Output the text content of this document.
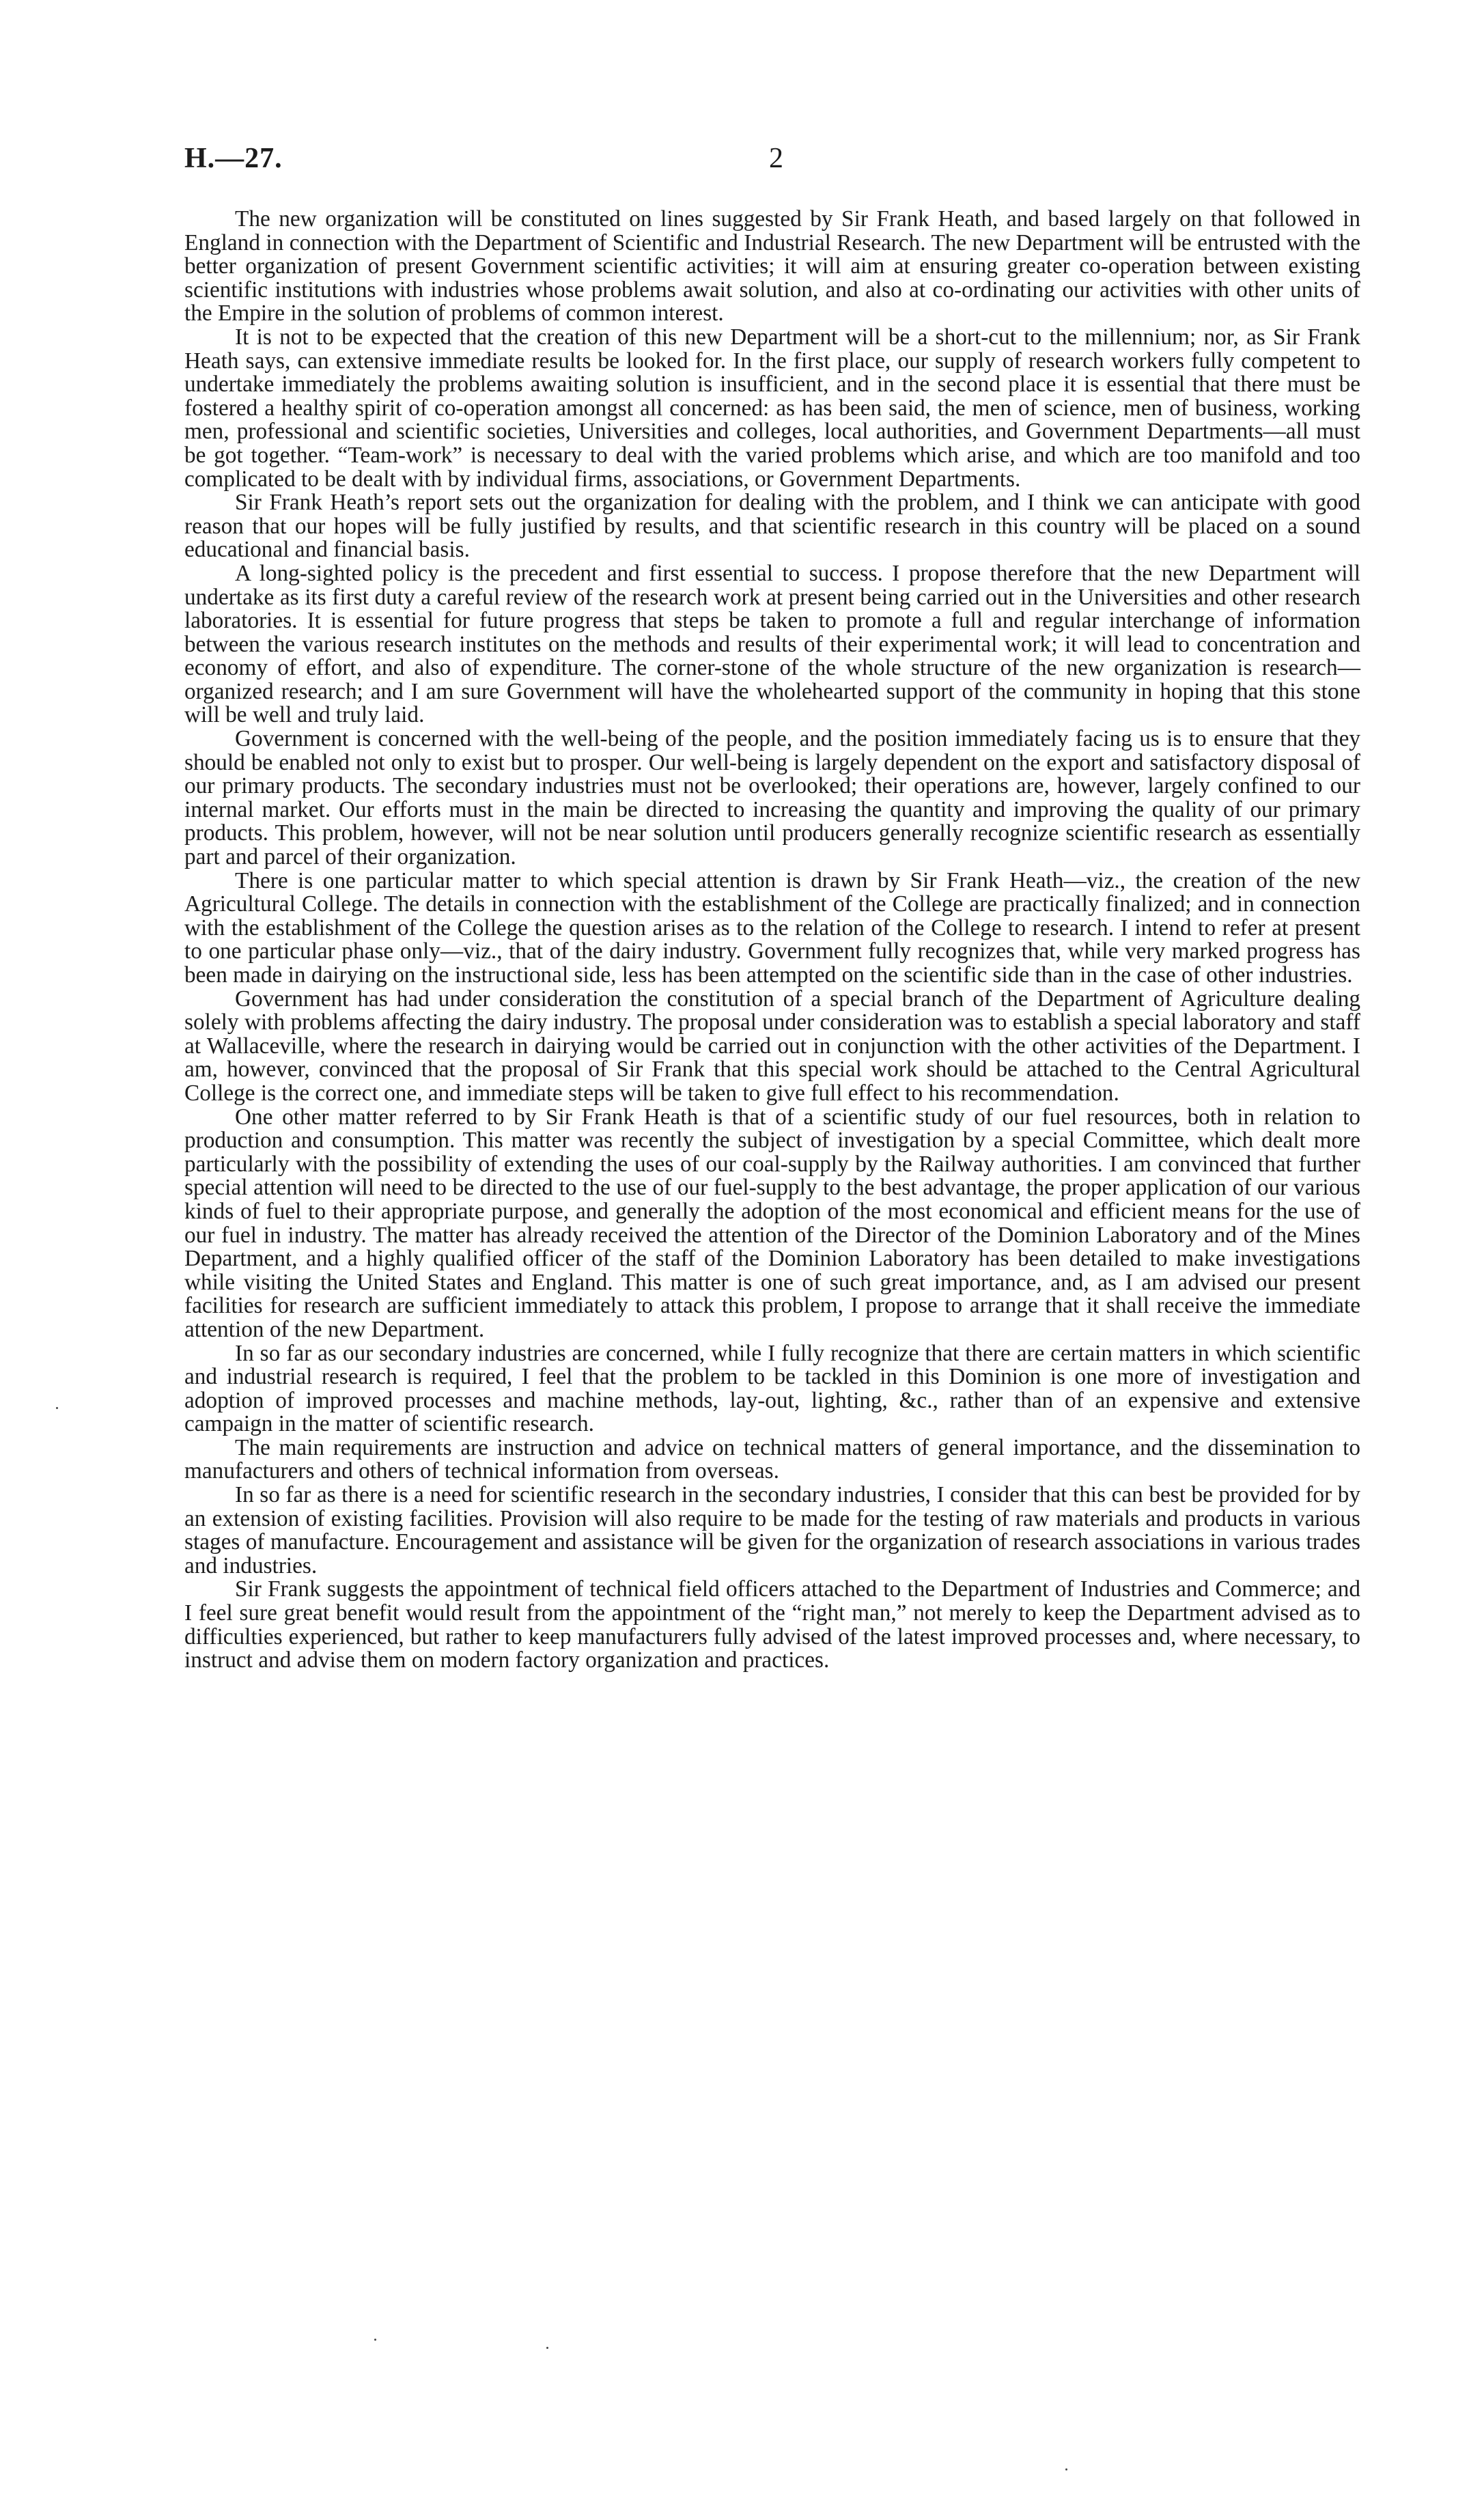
H.—27.	2

The new organization will be constituted on lines suggested by Sir Frank Heath, and based largely on that followed in England in connection with the Department of Scientific and Industrial Research. The new Department will be entrusted with the better organization of present Government scientific activities; it will aim at ensuring greater co-operation between existing scientific institutions with industries whose problems await solution, and also at co-ordinating our activities with other units of the Empire in the solution of problems of common interest.

It is not to be expected that the creation of this new Department will be a short-cut to the millennium; nor, as Sir Frank Heath says, can extensive immediate results be looked for. In the first place, our supply of research workers fully competent to undertake immediately the problems awaiting solution is insufficient, and in the second place it is essential that there must be fostered a healthy spirit of co-operation amongst all concerned: as has been said, the men of science, men of business, working men, professional and scientific societies, Universities and colleges, local authorities, and Government Departments—all must be got together. “Team-work” is necessary to deal with the varied problems which arise, and which are too manifold and too complicated to be dealt with by individual firms, associations, or Government Departments.

Sir Frank Heath’s report sets out the organization for dealing with the problem, and I think we can anticipate with good reason that our hopes will be fully justified by results, and that scientific research in this country will be placed on a sound educational and financial basis.

A long-sighted policy is the precedent and first essential to success. I propose therefore that the new Department will undertake as its first duty a careful review of the research work at present being carried out in the Universities and other research laboratories. It is essential for future progress that steps be taken to promote a full and regular interchange of information between the various research institutes on the methods and results of their experimental work; it will lead to concentration and economy of effort, and also of expenditure. The corner-stone of the whole structure of the new organization is research—organized research; and I am sure Government will have the wholehearted support of the community in hoping that this stone will be well and truly laid.

Government is concerned with the well-being of the people, and the position immediately facing us is to ensure that they should be enabled not only to exist but to prosper. Our well-being is largely dependent on the export and satisfactory disposal of our primary products. The secondary industries must not be overlooked; their operations are, however, largely confined to our internal market. Our efforts must in the main be directed to increasing the quantity and improving the quality of our primary products. This problem, however, will not be near solution until producers generally recognize scientific research as essentially part and parcel of their organization.

There is one particular matter to which special attention is drawn by Sir Frank Heath—viz., the creation of the new Agricultural College. The details in connection with the establishment of the College are practically finalized; and in connection with the establishment of the College the question arises as to the relation of the College to research. I intend to refer at present to one particular phase only—viz., that of the dairy industry. Government fully recognizes that, while very marked progress has been made in dairying on the instructional side, less has been attempted on the scientific side than in the case of other industries.

Government has had under consideration the constitution of a special branch of the Department of Agriculture dealing solely with problems affecting the dairy industry. The proposal under consideration was to establish a special laboratory and staff at Wallaceville, where the research in dairying would be carried out in conjunction with the other activities of the Department. I am, however, convinced that the proposal of Sir Frank that this special work should be attached to the Central Agricultural College is the correct one, and immediate steps will be taken to give full effect to his recommendation.

One other matter referred to by Sir Frank Heath is that of a scientific study of our fuel resources, both in relation to production and consumption. This matter was recently the subject of investigation by a special Committee, which dealt more particularly with the possibility of extending the uses of our coal-supply by the Railway authorities. I am convinced that further special attention will need to be directed to the use of our fuel-supply to the best advantage, the proper application of our various kinds of fuel to their appropriate purpose, and generally the adoption of the most economical and efficient means for the use of our fuel in industry. The matter has already received the attention of the Director of the Dominion Laboratory and of the Mines Department, and a highly qualified officer of the staff of the Dominion Laboratory has been detailed to make investigations while visiting the United States and England. This matter is one of such great importance, and, as I am advised our present facilities for research are sufficient immediately to attack this problem, I propose to arrange that it shall receive the immediate attention of the new Department.

In so far as our secondary industries are concerned, while I fully recognize that there are certain matters in which scientific and industrial research is required, I feel that the problem to be tackled in this Dominion is one more of investigation and adoption of improved processes and machine methods, lay-out, lighting, &c., rather than of an expensive and extensive campaign in the matter of scientific research.

The main requirements are instruction and advice on technical matters of general importance, and the dissemination to manufacturers and others of technical information from overseas.

In so far as there is a need for scientific research in the secondary industries, I consider that this can best be provided for by an extension of existing facilities. Provision will also require to be made for the testing of raw materials and products in various stages of manufacture. Encouragement and assistance will be given for the organization of research associations in various trades and industries.

Sir Frank suggests the appointment of technical field officers attached to the Department of Industries and Commerce; and I feel sure great benefit would result from the appointment of the “right man,” not merely to keep the Department advised as to difficulties experienced, but rather to keep manufacturers fully advised of the latest improved processes and, where necessary, to instruct and advise them on modern factory organization and practices.
